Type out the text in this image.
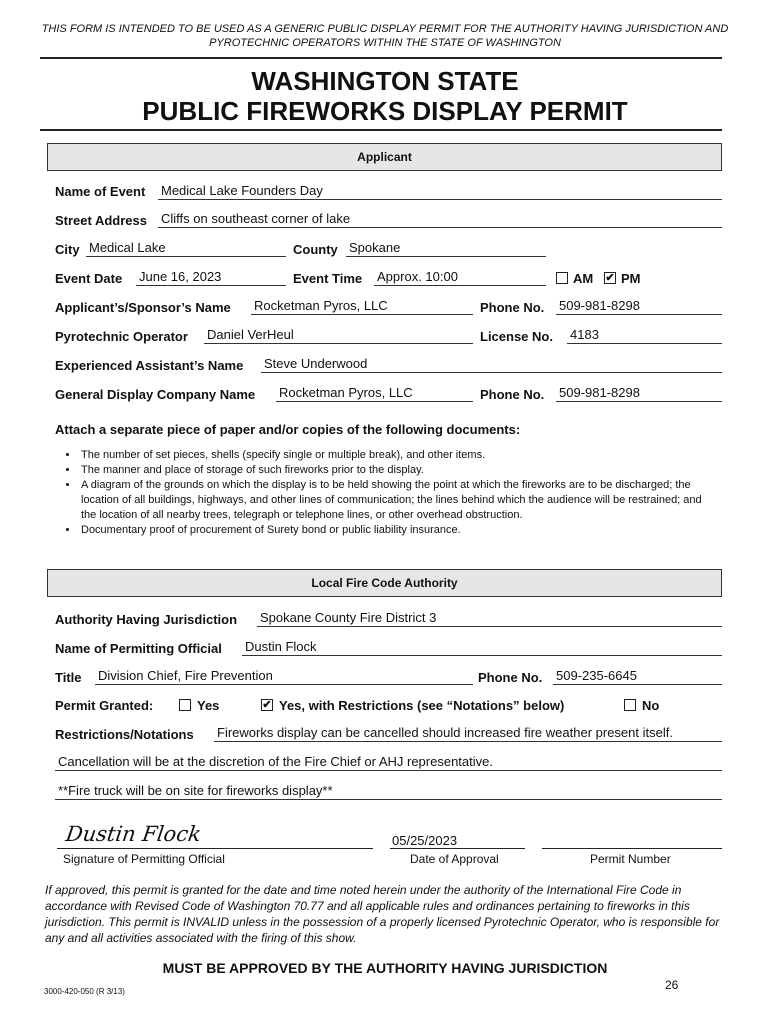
THIS FORM IS INTENDED TO BE USED AS A GENERIC PUBLIC DISPLAY PERMIT FOR THE AUTHORITY HAVING JURISDICTION AND PYROTECHNIC OPERATORS WITHIN THE STATE OF WASHINGTON
WASHINGTON STATE
PUBLIC FIREWORKS DISPLAY PERMIT
Applicant
Name of Event Medical Lake Founders Day
Street Address Cliffs on southeast corner of lake
City Medical Lake	County Spokane
Event Date June 16, 2023	Event Time Approx. 10:00	AM ✔ PM
Applicant’s/Sponsor’s Name Rocketman Pyros, LLC	Phone No. 509-981-8298
Pyrotechnic Operator Daniel VerHeul	License No. 4183
Experienced Assistant’s Name Steve Underwood
General Display Company Name Rocketman Pyros, LLC	Phone No. 509-981-8298
Attach a separate piece of paper and/or copies of the following documents:
• The number of set pieces, shells (specify single or multiple break), and other items.
• The manner and place of storage of such fireworks prior to the display.
• A diagram of the grounds on which the display is to be held showing the point at which the fireworks are to be discharged; the location of all buildings, highways, and other lines of communication; the lines behind which the audience will be restrained; and the location of all nearby trees, telegraph or telephone lines, or other overhead obstruction.
• Documentary proof of procurement of Surety bond or public liability insurance.
Local Fire Code Authority
Authority Having Jurisdiction Spokane County Fire District 3
Name of Permitting Official Dustin Flock
Title Division Chief, Fire Prevention	Phone No. 509-235-6645
Permit Granted:	Yes	✔ Yes, with Restrictions (see “Notations” below)	No
Restrictions/Notations Fireworks display can be cancelled should increased fire weather present itself.
Cancellation will be at the discretion of the Fire Chief or AHJ representative.
**Fire truck will be on site for fireworks display**
Dustin Flock
Signature of Permitting Official
05/25/2023
Date of Approval	Permit Number
If approved, this permit is granted for the date and time noted herein under the authority of the International Fire Code in accordance with Revised Code of Washington 70.77 and all applicable rules and ordinances pertaining to fireworks in this jurisdiction. This permit is INVALID unless in the possession of a properly licensed Pyrotechnic Operator, who is responsible for any and all activities associated with the firing of this show.
MUST BE APPROVED BY THE AUTHORITY HAVING JURISDICTION
3000-420-050 (R 3/13)	26
